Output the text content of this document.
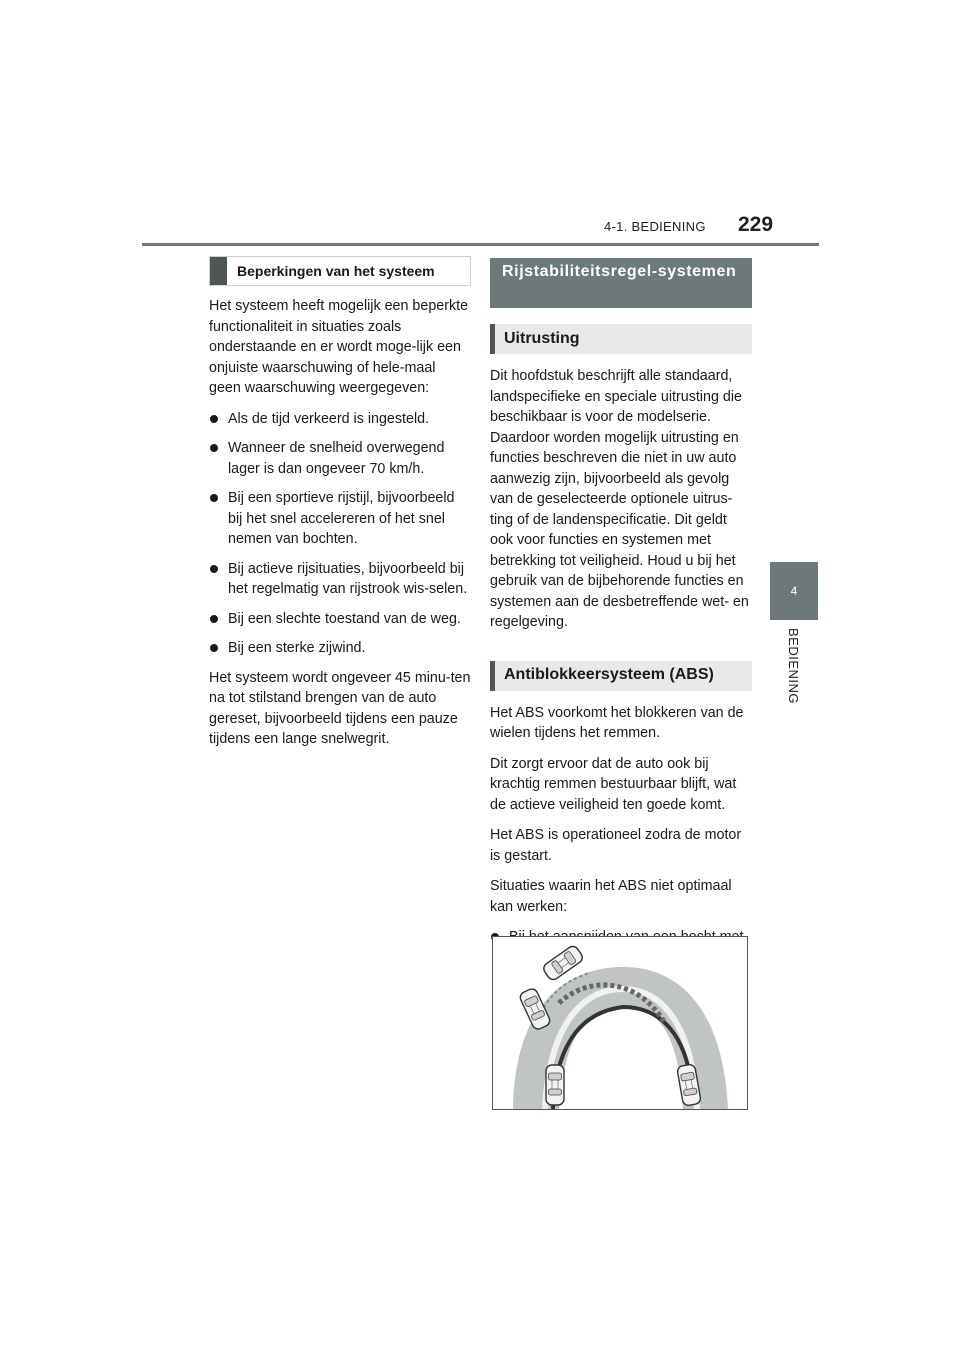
4-1. BEDIENING 229
4
BEDIENING
Beperkingen van het systeem

Het systeem heeft mogelijk een beperkte functionaliteit in situaties zoals onderstaande en er wordt moge-lijk een onjuiste waarschuwing of hele-maal geen waarschuwing weergegeven:

Als de tijd verkeerd is ingesteld.
Wanneer de snelheid overwegend lager is dan ongeveer 70 km/h.
Bij een sportieve rijstijl, bijvoorbeeld bij het snel accelereren of het snel nemen van bochten.
Bij actieve rijsituaties, bijvoorbeeld bij het regelmatig van rijstrook wis-selen.
Bij een slechte toestand van de weg.
Bij een sterke zijwind.

Het systeem wordt ongeveer 45 minu-ten na tot stilstand brengen van de auto gereset, bijvoorbeeld tijdens een pauze tijdens een lange snelwegrit.

Rijstabiliteitsregel-systemen
Uitrusting

Dit hoofdstuk beschrijft alle standaard, landspecifieke en speciale uitrusting die beschikbaar is voor de modelserie. Daardoor worden mogelijk uitrusting en functies beschreven die niet in uw auto aanwezig zijn, bijvoorbeeld als gevolg van de geselecteerde optionele uitrus-ting of de landenspecificatie. Dit geldt ook voor functies en systemen met betrekking tot veiligheid. Houd u bij het gebruik van de bijbehorende functies en systemen aan de desbetreffende wet- en regelgeving.

Antiblokkeersysteem (ABS)

Het ABS voorkomt het blokkeren van de wielen tijdens het remmen.

Dit zorgt ervoor dat de auto ook bij krachtig remmen bestuurbaar blijft, wat de actieve veiligheid ten goede komt.

Het ABS is operationeel zodra de motor is gestart.

Situaties waarin het ABS niet optimaal kan werken:
